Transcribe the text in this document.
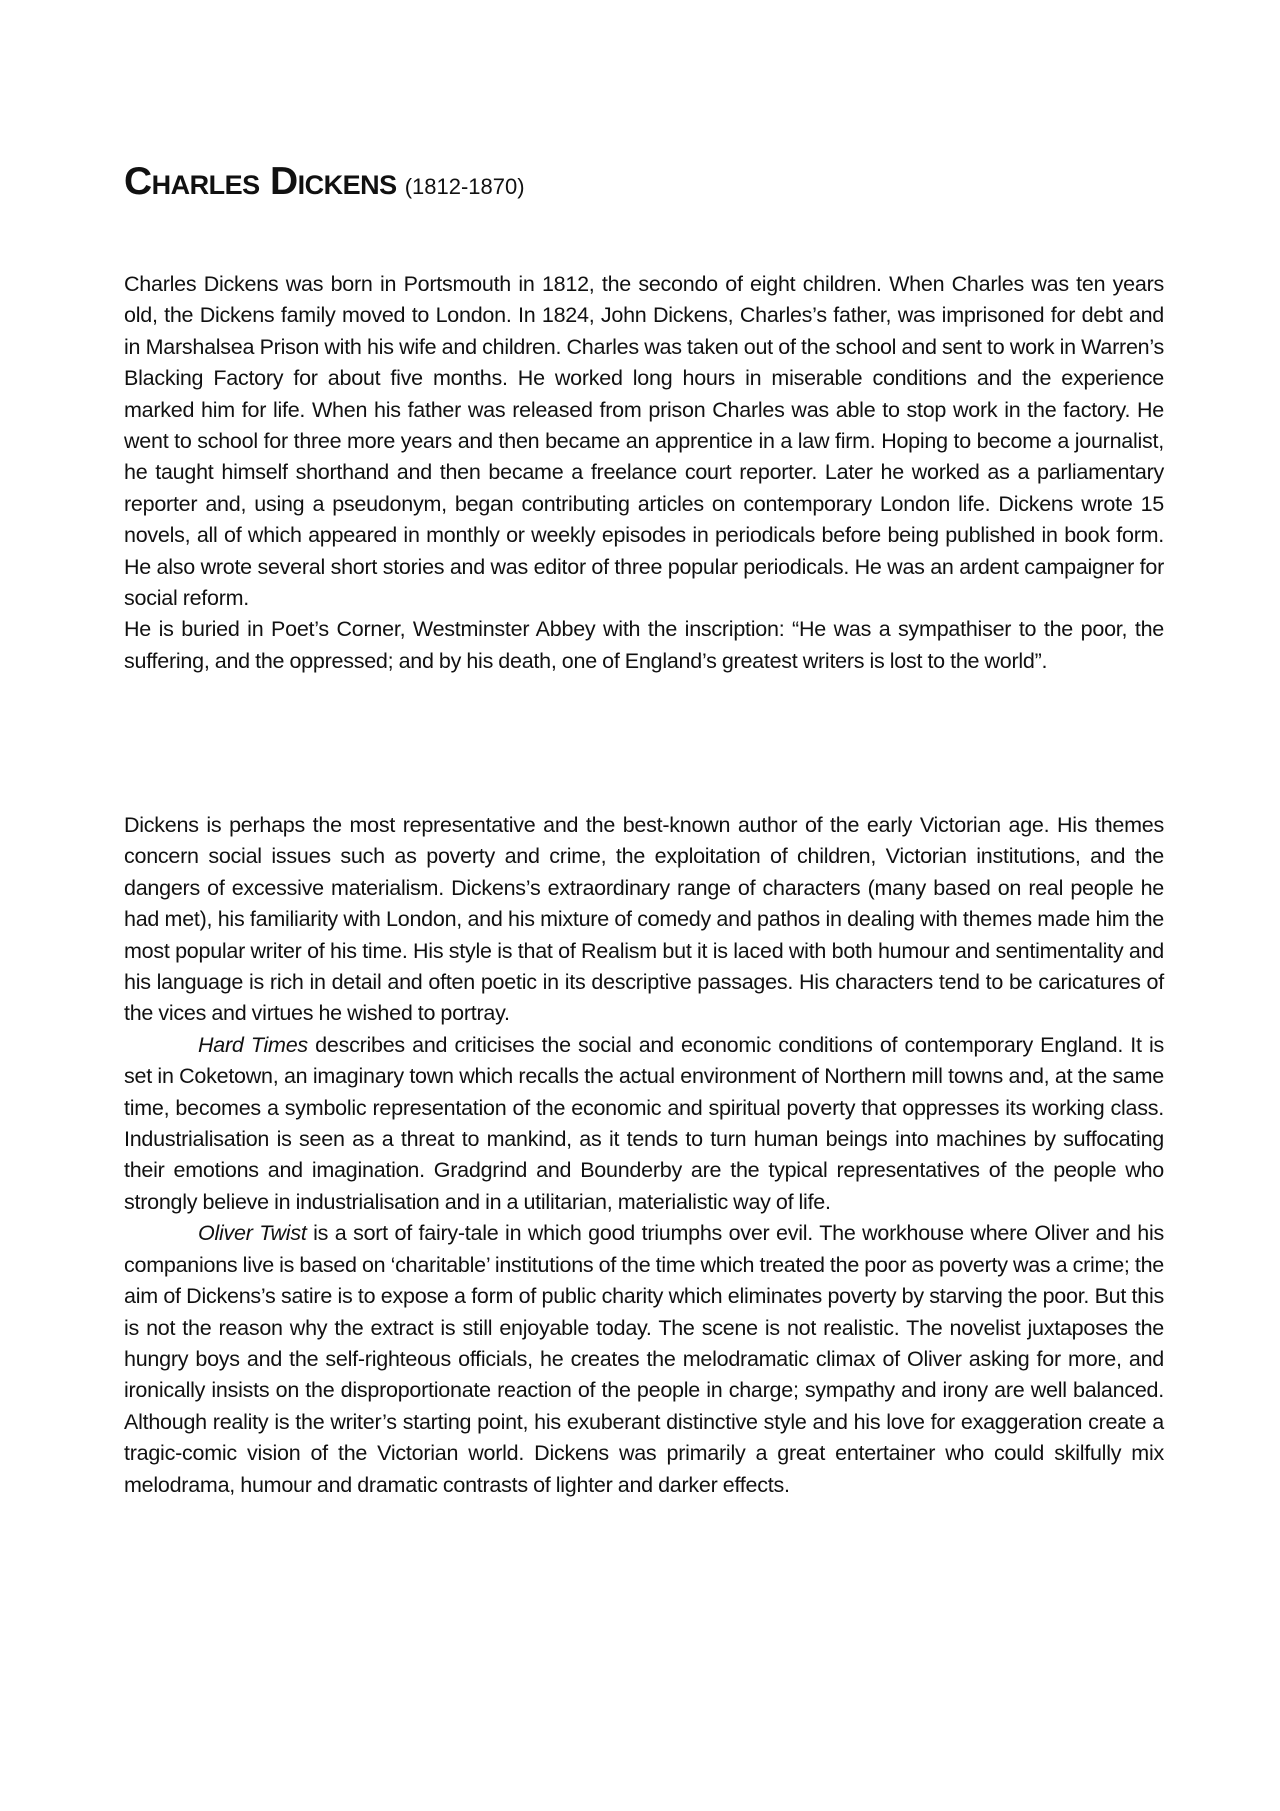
Charles Dickens (1812-1870)

Charles Dickens was born in Portsmouth in 1812, the secondo of eight children. When Charles was ten years old, the Dickens family moved to London. In 1824, John Dickens, Charles’s father, was imprisoned for debt and in Marshalsea Prison with his wife and children. Charles was taken out of the school and sent to work in Warren’s Blacking Factory for about five months. He worked long hours in miserable conditions and the experience marked him for life. When his father was released from prison Charles was able to stop work in the factory. He went to school for three more years and then became an apprentice in a law firm. Hoping to become a journalist, he taught himself shorthand and then became a freelance court reporter. Later he worked as a parliamentary reporter and, using a pseudonym, began contributing articles on contemporary London life. Dickens wrote 15 novels, all of which appeared in monthly or weekly episodes in periodicals before being published in book form. He also wrote several short stories and was editor of three popular periodicals. He was an ardent campaigner for social reform.

He is buried in Poet’s Corner, Westminster Abbey with the inscription: “He was a sympathiser to the poor, the suffering, and the oppressed; and by his death, one of England’s greatest writers is lost to the world”.

Dickens is perhaps the most representative and the best-known author of the early Victorian age. His themes concern social issues such as poverty and crime, the exploitation of children, Victorian institutions, and the dangers of excessive materialism. Dickens’s extraordinary range of characters (many based on real people he had met), his familiarity with London, and his mixture of comedy and pathos in dealing with themes made him the most popular writer of his time. His style is that of Realism but it is laced with both humour and sentimentality and his language is rich in detail and often poetic in its descriptive passages. His characters tend to be caricatures of the vices and virtues he wished to portray.

Hard Times describes and criticises the social and economic conditions of contemporary England. It is set in Coketown, an imaginary town which recalls the actual environment of Northern mill towns and, at the same time, becomes a symbolic representation of the economic and spiritual poverty that oppresses its working class. Industrialisation is seen as a threat to mankind, as it tends to turn human beings into machines by suffocating their emotions and imagination. Gradgrind and Bounderby are the typical representatives of the people who strongly believe in industrialisation and in a utilitarian, materialistic way of life.

Oliver Twist is a sort of fairy-tale in which good triumphs over evil. The workhouse where Oliver and his companions live is based on ‘charitable’ institutions of the time which treated the poor as poverty was a crime; the aim of Dickens’s satire is to expose a form of public charity which eliminates poverty by starving the poor. But this is not the reason why the extract is still enjoyable today. The scene is not realistic. The novelist juxtaposes the hungry boys and the self-righteous officials, he creates the melodramatic climax of Oliver asking for more, and ironically insists on the disproportionate reaction of the people in charge; sympathy and irony are well balanced. Although reality is the writer’s starting point, his exuberant distinctive style and his love for exaggeration create a tragic-comic vision of the Victorian world. Dickens was primarily a great entertainer who could skilfully mix melodrama, humour and dramatic contrasts of lighter and darker effects.
